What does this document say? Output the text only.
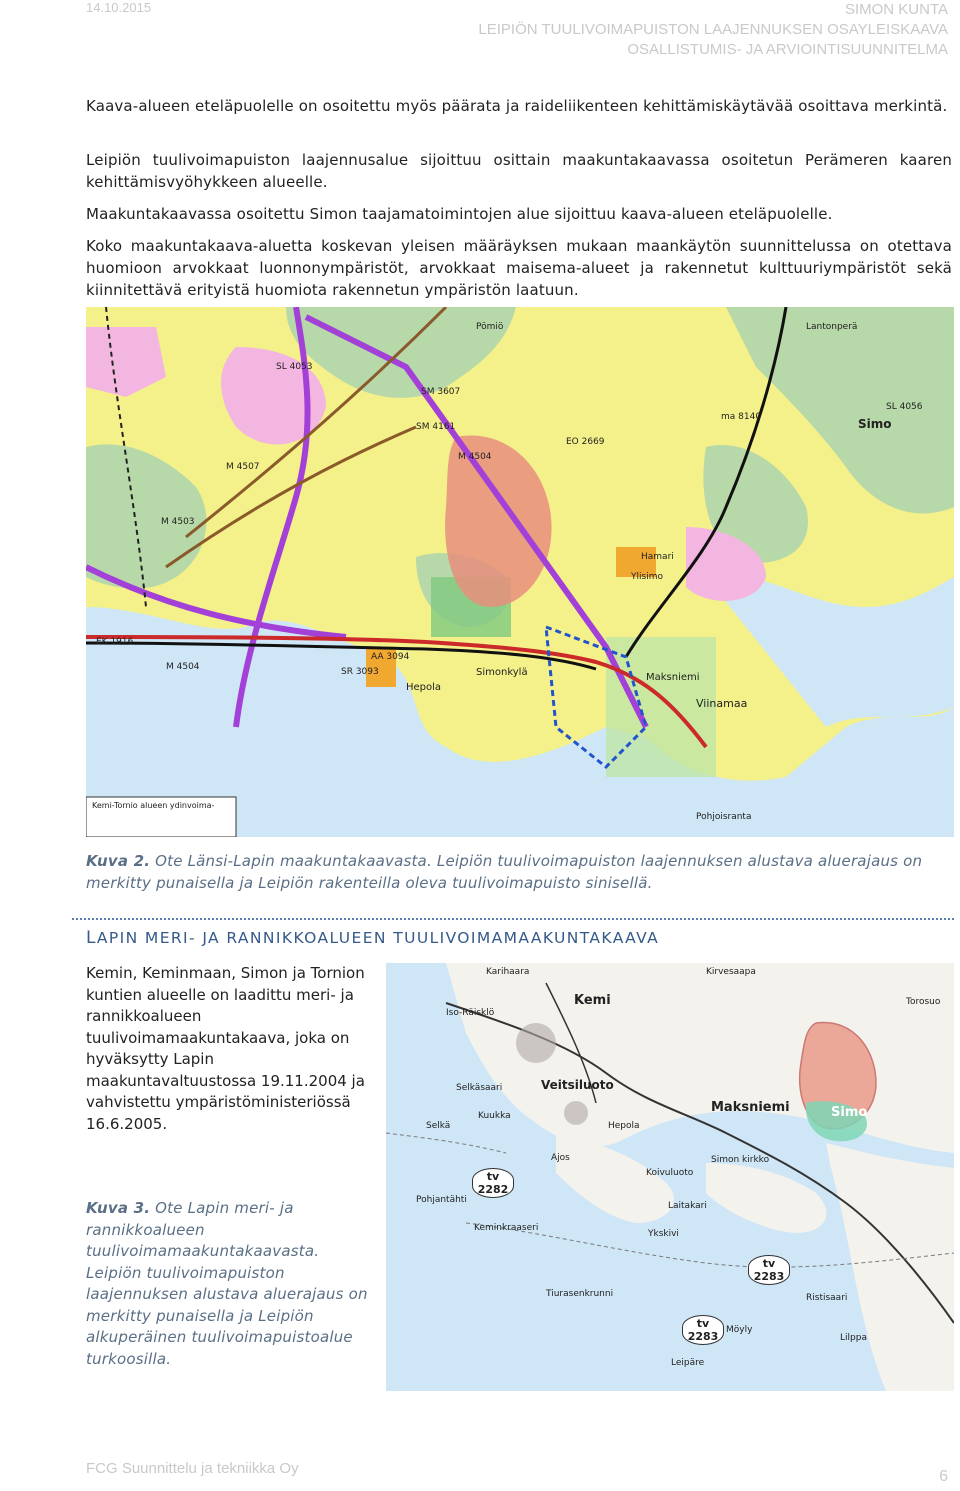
14.10.2015	SIMON KUNTA
LEIPIÖN TUULIVOIMAPUISTON LAAJENNUKSEN OSAYLEISKAAVA
OSALLISTUMIS- JA ARVIOINTISUUNNITELMA
Kaava-alueen eteläpuolelle on osoitettu myös päärata ja raideliikenteen kehittämiskäytävää osoittava merkintä.
Leipiön tuulivoimapuiston laajennusalue sijoittuu osittain maakuntakaavassa osoitetun Perämeren kaaren kehittämisvyöhykkeen alueelle.
Maakuntakaavassa osoitettu Simon taajamatoimintojen alue sijoittuu kaava-alueen eteläpuolelle.
Koko maakuntakaava-aluetta koskevan yleisen määräyksen mukaan maankäytön suunnittelussa on otettava huomioon arvokkaat luonnonympäristöt, arvokkaat maisema-alueet ja rakennetut kulttuuriympäristöt sekä kiinnitettävä erityistä huomiota rakennetun ympäristön laatuun.
EK 1916
SL 4053
SL 4056
M 4504
M 4507
M 4503
M 4504
Simo
Maksniemi
Viinamaa
Simonkylä
Hepola
Kemi-Tornio alueen ydinvoima-
SM 3607
SM 4161
EO 2669
AA 3094
SR 3093
ma 8140
Pömiö
Hamari
Ylisimo
Pohjoisranta
Lantonperä
Kuva 2. Ote Länsi-Lapin maakuntakaavasta. Leipiön tuulivoimapuiston laajennuksen alustava aluerajaus on merkitty punaisella ja Leipiön rakenteilla oleva tuulivoimapuisto sinisellä.
LAPIN MERI- JA RANNIKKOALUEEN TUULIVOIMAMAAKUNTAKAAVA
Kemin, Keminmaan, Simon ja Tornion kuntien alueelle on laadittu meri- ja rannikkoalueen tuulivoimamaakuntakaava, joka on hyväksytty Lapin maakuntavaltuustossa 19.11.2004 ja vahvistettu ympäristöministeriössä 16.6.2005.
Kemi
Karihaara	Kirvesaapa
Torosuo
Iso-Räisklö
Selkäsaari	Veitsiluoto
Maksniemi	Simo
Kuukka
Hepola
Ajos
Koivuluoto
Pohjantähti
Simon kirkko
Laitakari
Keminkraaseri
Ykskivi
Tiurasenkrunni
Möyly
Lilppa
Leipäre
Ristisaari
Selkä
tv 2282
tv 2283
tv 2283
Kuva 3. Ote Lapin meri- ja rannikkoalueen tuulivoimamaakuntakaavasta. Leipiön tuulivoimapuiston laajennuksen alustava aluerajaus on merkitty punaisella ja Leipiön alkuperäinen tuulivoimapuistoalue turkoosilla.
FCG Suunnittelu ja tekniikka Oy	6
